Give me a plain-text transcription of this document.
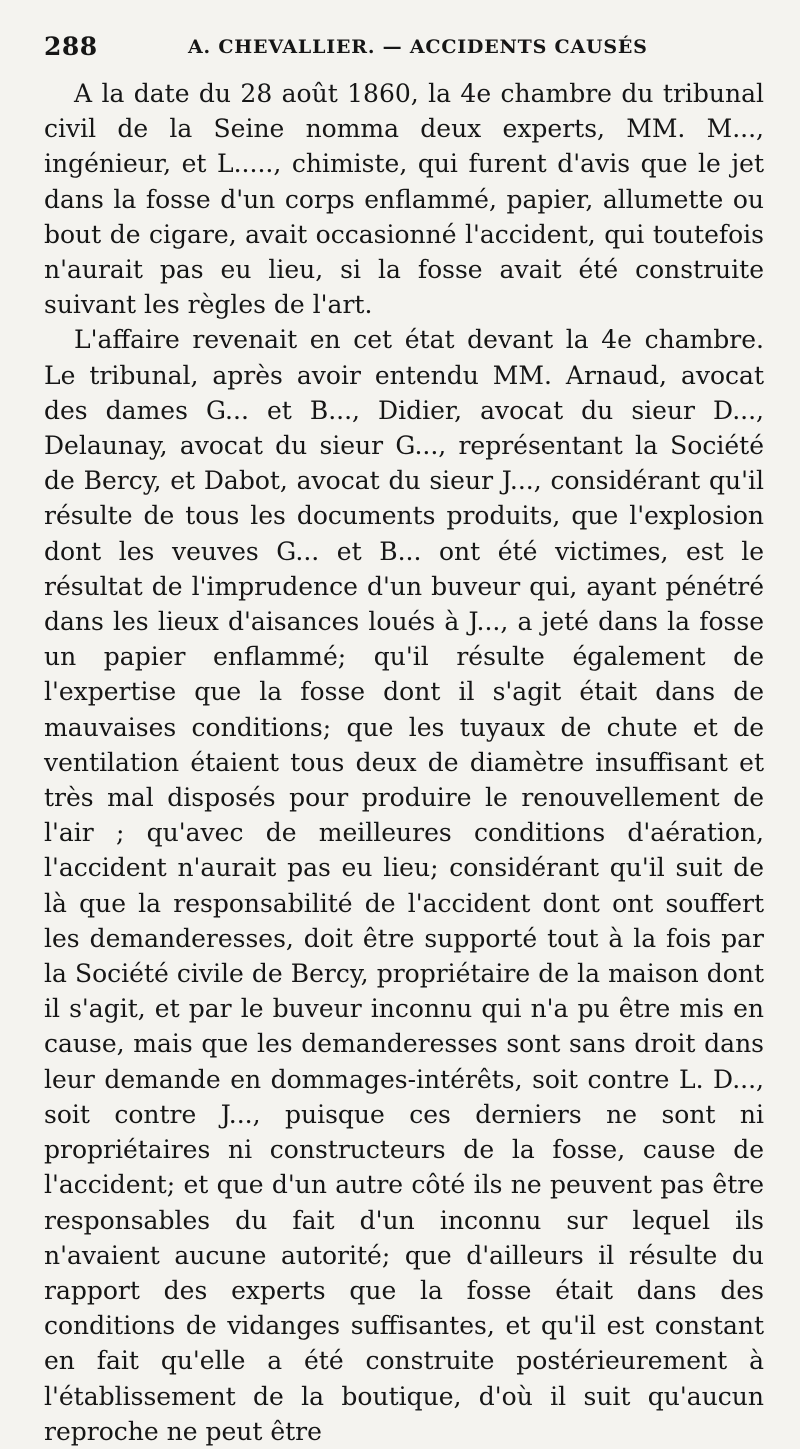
288	A. CHEVALLIER. — ACCIDENTS CAUSÉS

A la date du 28 août 1860, la 4e chambre du tribunal civil de la Seine nomma deux experts, MM. M..., ingénieur, et L....., chimiste, qui furent d'avis que le jet dans la fosse d'un corps enflammé, papier, allumette ou bout de cigare, avait occasionné l'accident, qui toutefois n'aurait pas eu lieu, si la fosse avait été construite suivant les règles de l'art.

L'affaire revenait en cet état devant la 4e chambre. Le tribunal, après avoir entendu MM. Arnaud, avocat des dames G... et B..., Didier, avocat du sieur D..., Delaunay, avocat du sieur G..., représentant la Société de Bercy, et Dabot, avocat du sieur J..., considérant qu'il résulte de tous les documents produits, que l'explosion dont les veuves G... et B... ont été victimes, est le résultat de l'imprudence d'un buveur qui, ayant pénétré dans les lieux d'aisances loués à J..., a jeté dans la fosse un papier enflammé; qu'il résulte également de l'expertise que la fosse dont il s'agit était dans de mauvaises conditions; que les tuyaux de chute et de ventilation étaient tous deux de diamètre insuffisant et très mal disposés pour produire le renouvellement de l'air ; qu'avec de meilleures conditions d'aération, l'accident n'aurait pas eu lieu; considérant qu'il suit de là que la responsabilité de l'accident dont ont souffert les demanderesses, doit être supporté tout à la fois par la Société civile de Bercy, propriétaire de la maison dont il s'agit, et par le buveur inconnu qui n'a pu être mis en cause, mais que les demanderesses sont sans droit dans leur demande en dommages-intérêts, soit contre L. D..., soit contre J..., puisque ces derniers ne sont ni propriétaires ni constructeurs de la fosse, cause de l'accident; et que d'un autre côté ils ne peuvent pas être responsables du fait d'un inconnu sur lequel ils n'avaient aucune autorité; que d'ailleurs il résulte du rapport des experts que la fosse était dans des conditions de vidanges suffisantes, et qu'il est constant en fait qu'elle a été construite postérieurement à l'établissement de la boutique, d'où il suit qu'aucun reproche ne peut être
